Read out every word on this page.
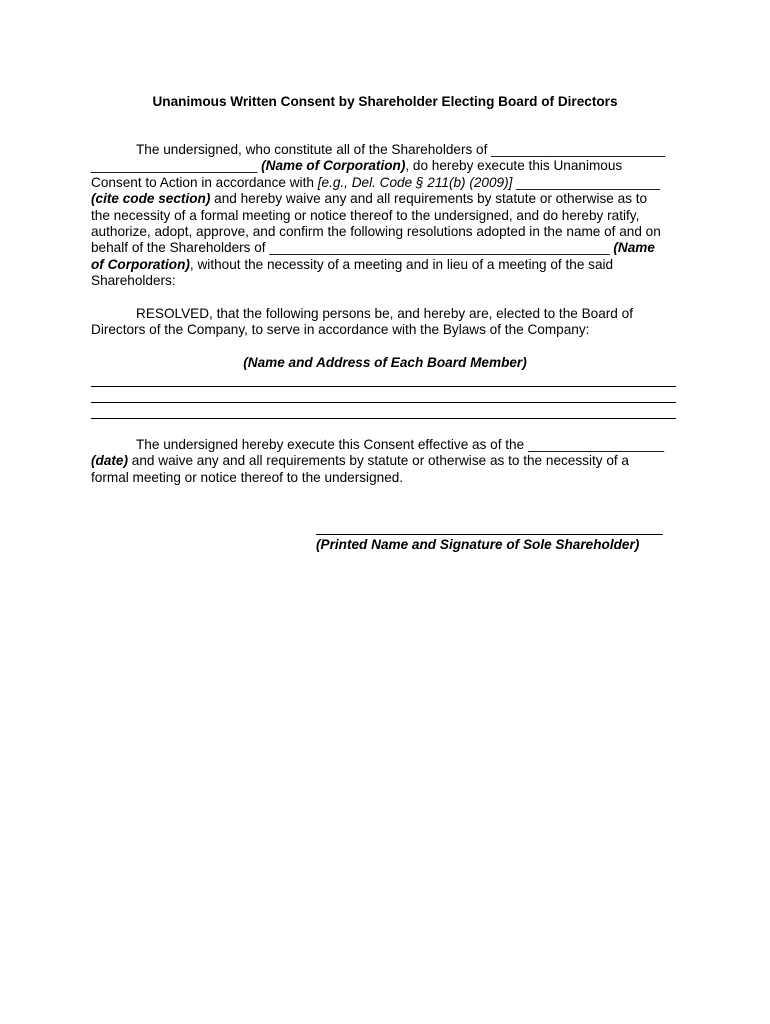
Unanimous Written Consent by Shareholder Electing Board of Directors
The undersigned, who constitute all of the Shareholders of _______________________
______________________ (Name of Corporation), do hereby execute this Unanimous
Consent to Action in accordance with [e.g., Del. Code § 211(b) (2009)] ___________________
(cite code section) and hereby waive any and all requirements by statute or otherwise as to
the necessity of a formal meeting or notice thereof to the undersigned, and do hereby ratify,
authorize, adopt, approve, and confirm the following resolutions adopted in the name of and on
behalf of the Shareholders of _____________________________________________ (Name
of Corporation), without the necessity of a meeting and in lieu of a meeting of the said
Shareholders:
RESOLVED, that the following persons be, and hereby are, elected to the Board of
Directors of the Company, to serve in accordance with the Bylaws of the Company:
(Name and Address of Each Board Member)
The undersigned hereby execute this Consent effective as of the __________________
(date) and waive any and all requirements by statute or otherwise as to the necessity of a
formal meeting or notice thereof to the undersigned.
(Printed Name and Signature of Sole Shareholder)
